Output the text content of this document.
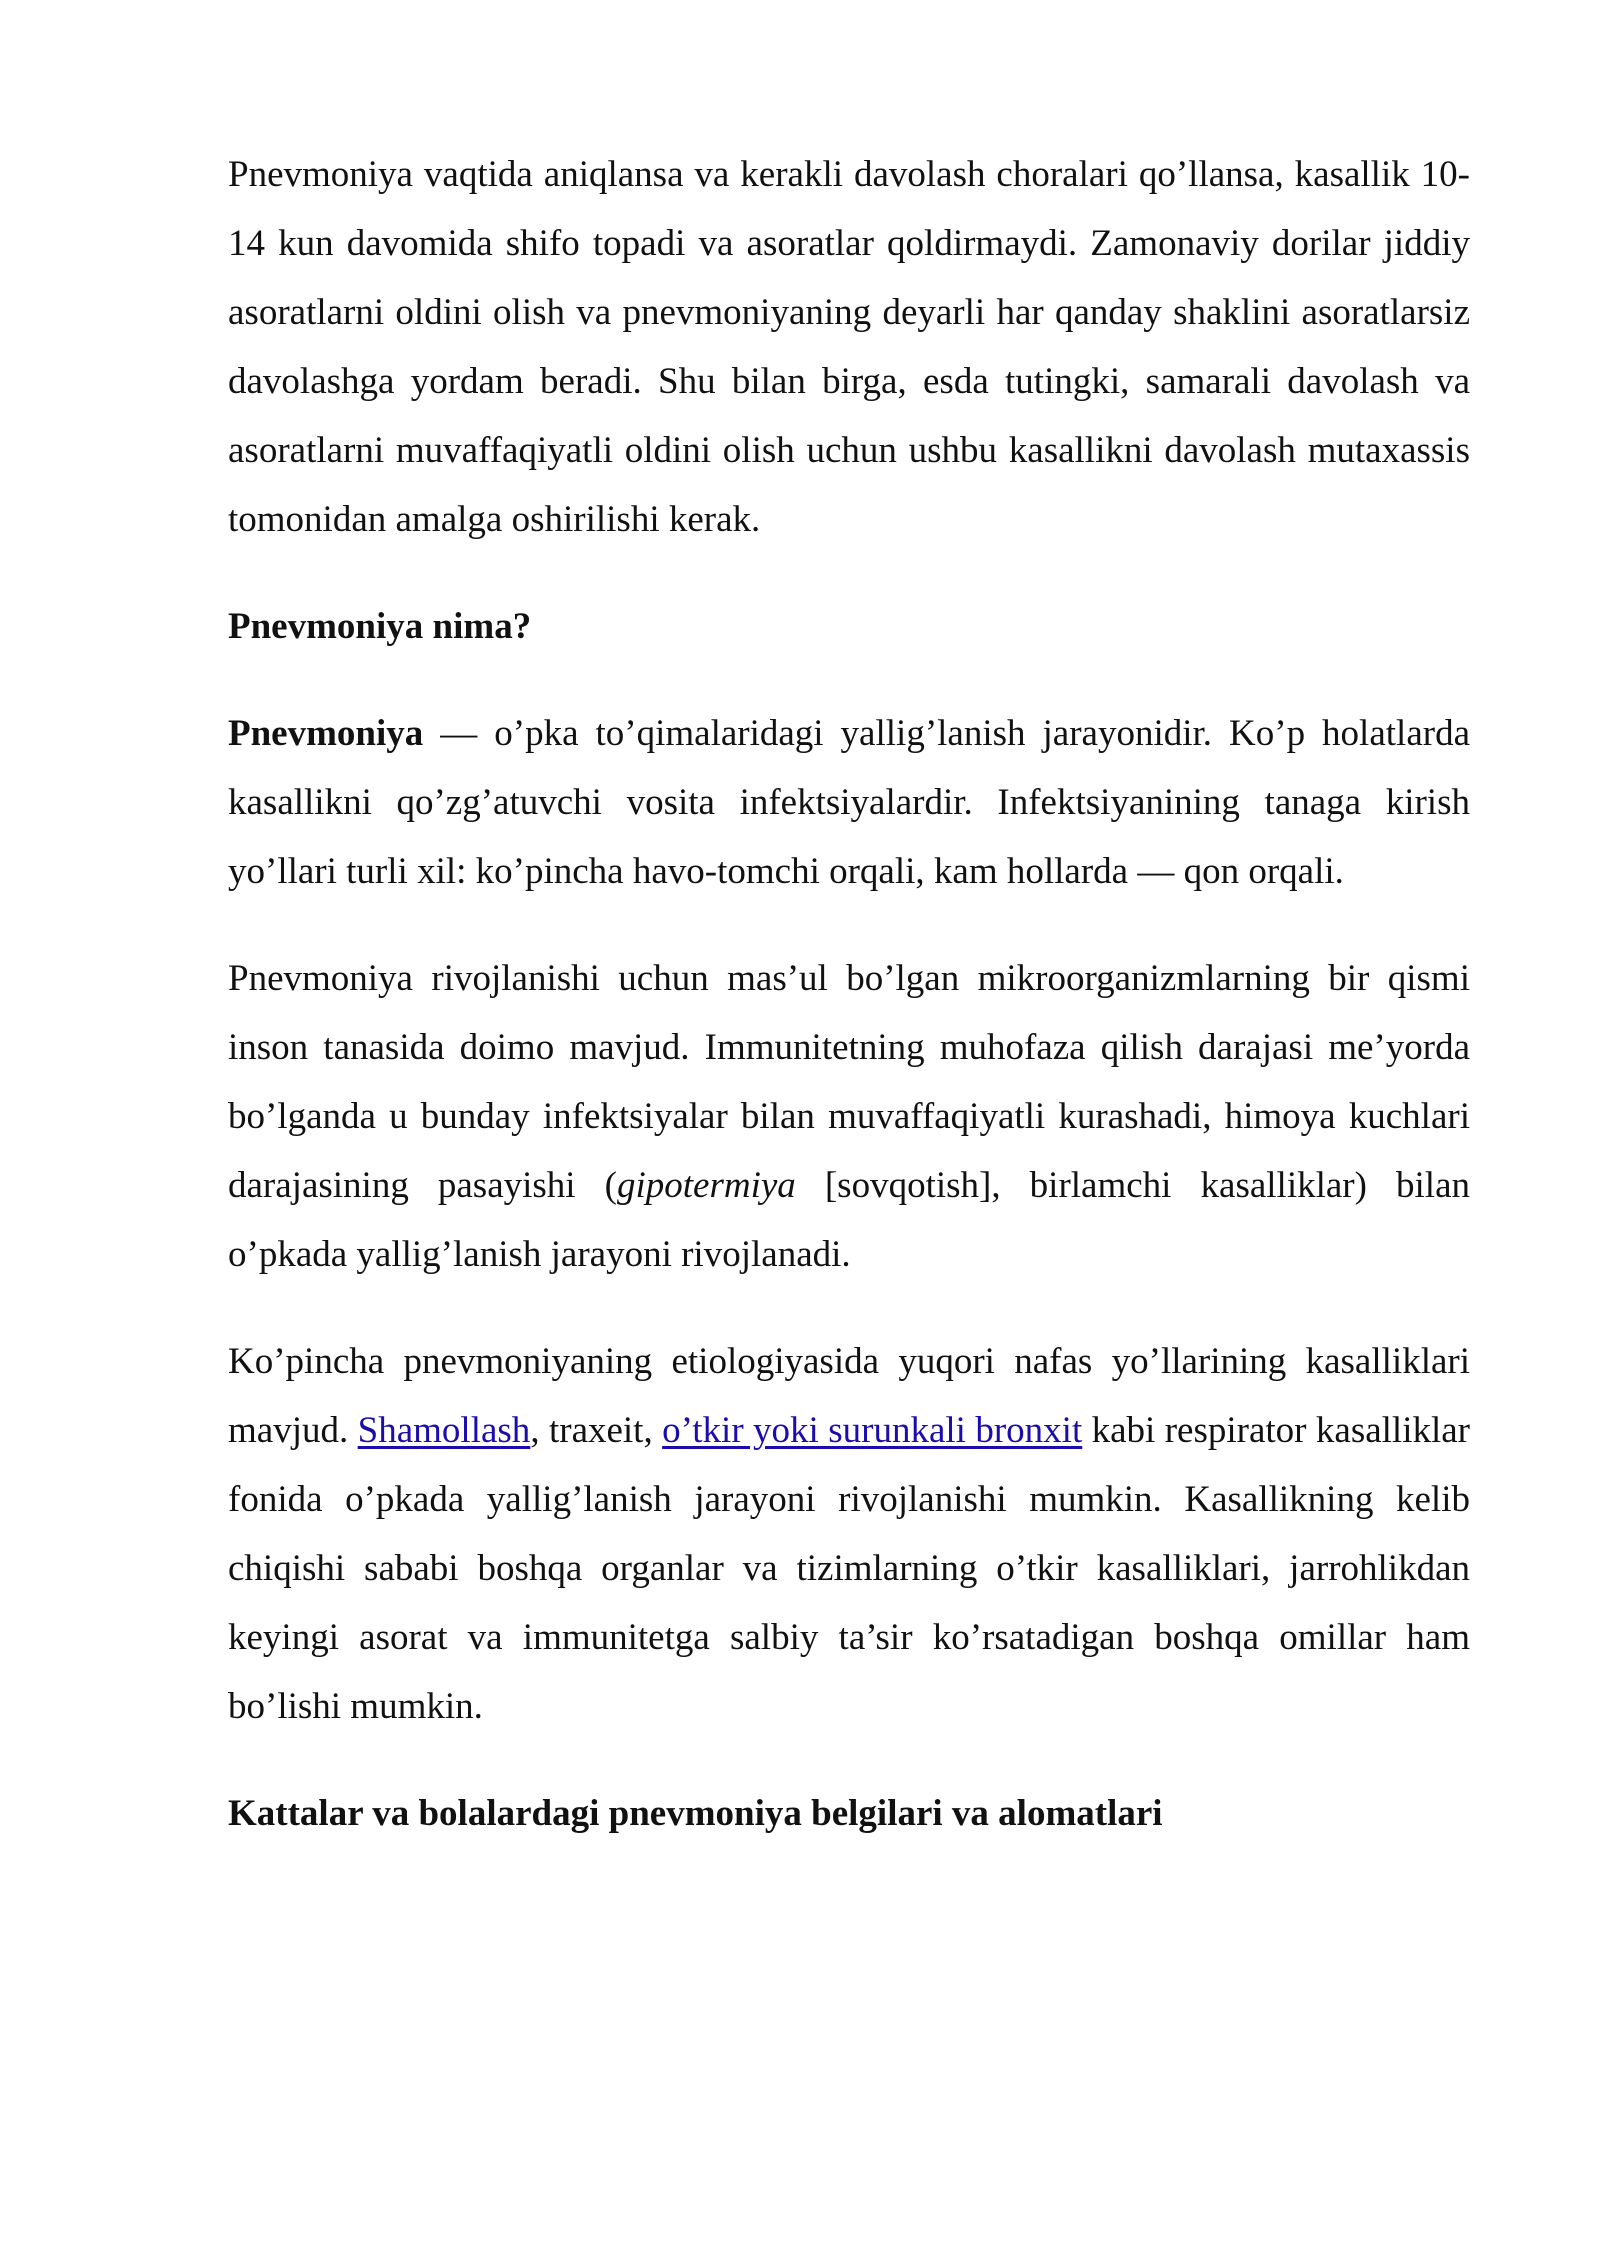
Pnevmoniya vaqtida aniqlansa va kerakli davolash choralari qo’llansa, kasallik 10-14 kun davomida shifo topadi va asoratlar qoldirmaydi. Zamonaviy dorilar jiddiy asoratlarni oldini olish va pnevmoniyaning deyarli har qanday shaklini asoratlarsiz davolashga yordam beradi. Shu bilan birga, esda tutingki, samarali davolash va asoratlarni muvaffaqiyatli oldini olish uchun ushbu kasallikni davolash mutaxassis tomonidan amalga oshirilishi kerak.

Pnevmoniya nima?

Pnevmoniya — o’pka to’qimalaridagi yallig’lanish jarayonidir. Ko’p holatlarda kasallikni qo’zg’atuvchi vosita infektsiyalardir. Infektsiyanining tanaga kirish yo’llari turli xil: ko’pincha havo-tomchi orqali, kam hollarda — qon orqali.

Pnevmoniya rivojlanishi uchun mas’ul bo’lgan mikroorganizmlarning bir qismi inson tanasida doimo mavjud. Immunitetning muhofaza qilish darajasi me’yorda bo’lganda u bunday infektsiyalar bilan muvaffaqiyatli kurashadi, himoya kuchlari darajasining pasayishi (gipotermiya [sovqotish], birlamchi kasalliklar) bilan o’pkada yallig’lanish jarayoni rivojlanadi.

Ko’pincha pnevmoniyaning etiologiyasida yuqori nafas yo’llarining kasalliklari mavjud. Shamollash, traxeit, o’tkir yoki surunkali bronxit kabi respirator kasalliklar fonida o’pkada yallig’lanish jarayoni rivojlanishi mumkin. Kasallikning kelib chiqishi sababi boshqa organlar va tizimlarning o’tkir kasalliklari, jarrohlikdan keyingi asorat va immunitetga salbiy ta’sir ko’rsatadigan boshqa omillar ham bo’lishi mumkin.

Kattalar va bolalardagi pnevmoniya belgilari va alomatlari
